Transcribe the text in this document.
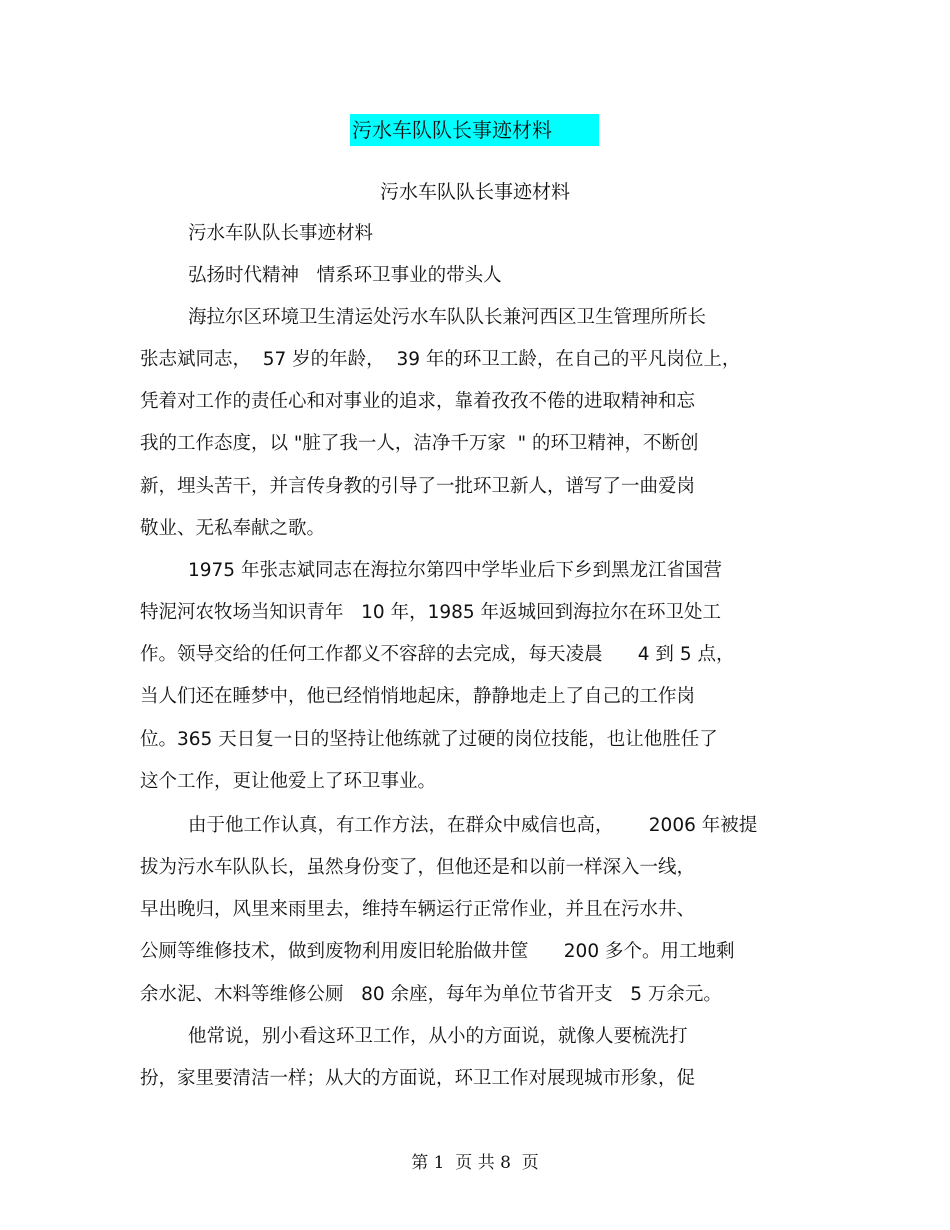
污水车队队长事迹材料
污水车队队长事迹材料
污水车队队长事迹材料
弘扬时代精神   情系环卫事业的带头人
海拉尔区环境卫生清运处污水车队队长兼河西区卫生管理所所长
张志斌同志，  57 岁的年龄，  39 年的环卫工龄，在自己的平凡岗位上，
凭着对工作的责任心和对事业的追求，靠着孜孜不倦的进取精神和忘
我的工作态度，以 "脏了我一人，洁净千万家  " 的环卫精神，不断创
新，埋头苦干，并言传身教的引导了一批环卫新人，谱写了一曲爱岗
敬业、无私奉献之歌。
1975 年张志斌同志在海拉尔第四中学毕业后下乡到黑龙江省国营
特泥河农牧场当知识青年   10 年，1985 年返城回到海拉尔在环卫处工
作。领导交给的任何工作都义不容辞的去完成，每天凌晨      4 到 5 点，
当人们还在睡梦中，他已经悄悄地起床，静静地走上了自己的工作岗
位。365 天日复一日的坚持让他练就了过硬的岗位技能，也让他胜任了
这个工作，更让他爱上了环卫事业。
由于他工作认真，有工作方法，在群众中威信也高，      2006 年被提
拔为污水车队队长，虽然身份变了，但他还是和以前一样深入一线，
早出晚归，风里来雨里去，维持车辆运行正常作业，并且在污水井、
公厕等维修技术，做到废物利用废旧轮胎做井筐      200 多个。用工地剩
余水泥、木料等维修公厕   80 余座，每年为单位节省开支   5 万余元。
他常说，别小看这环卫工作，从小的方面说，就像人要梳洗打
扮，家里要清洁一样；从大的方面说，环卫工作对展现城市形象，促
第 1  页 共 8  页
